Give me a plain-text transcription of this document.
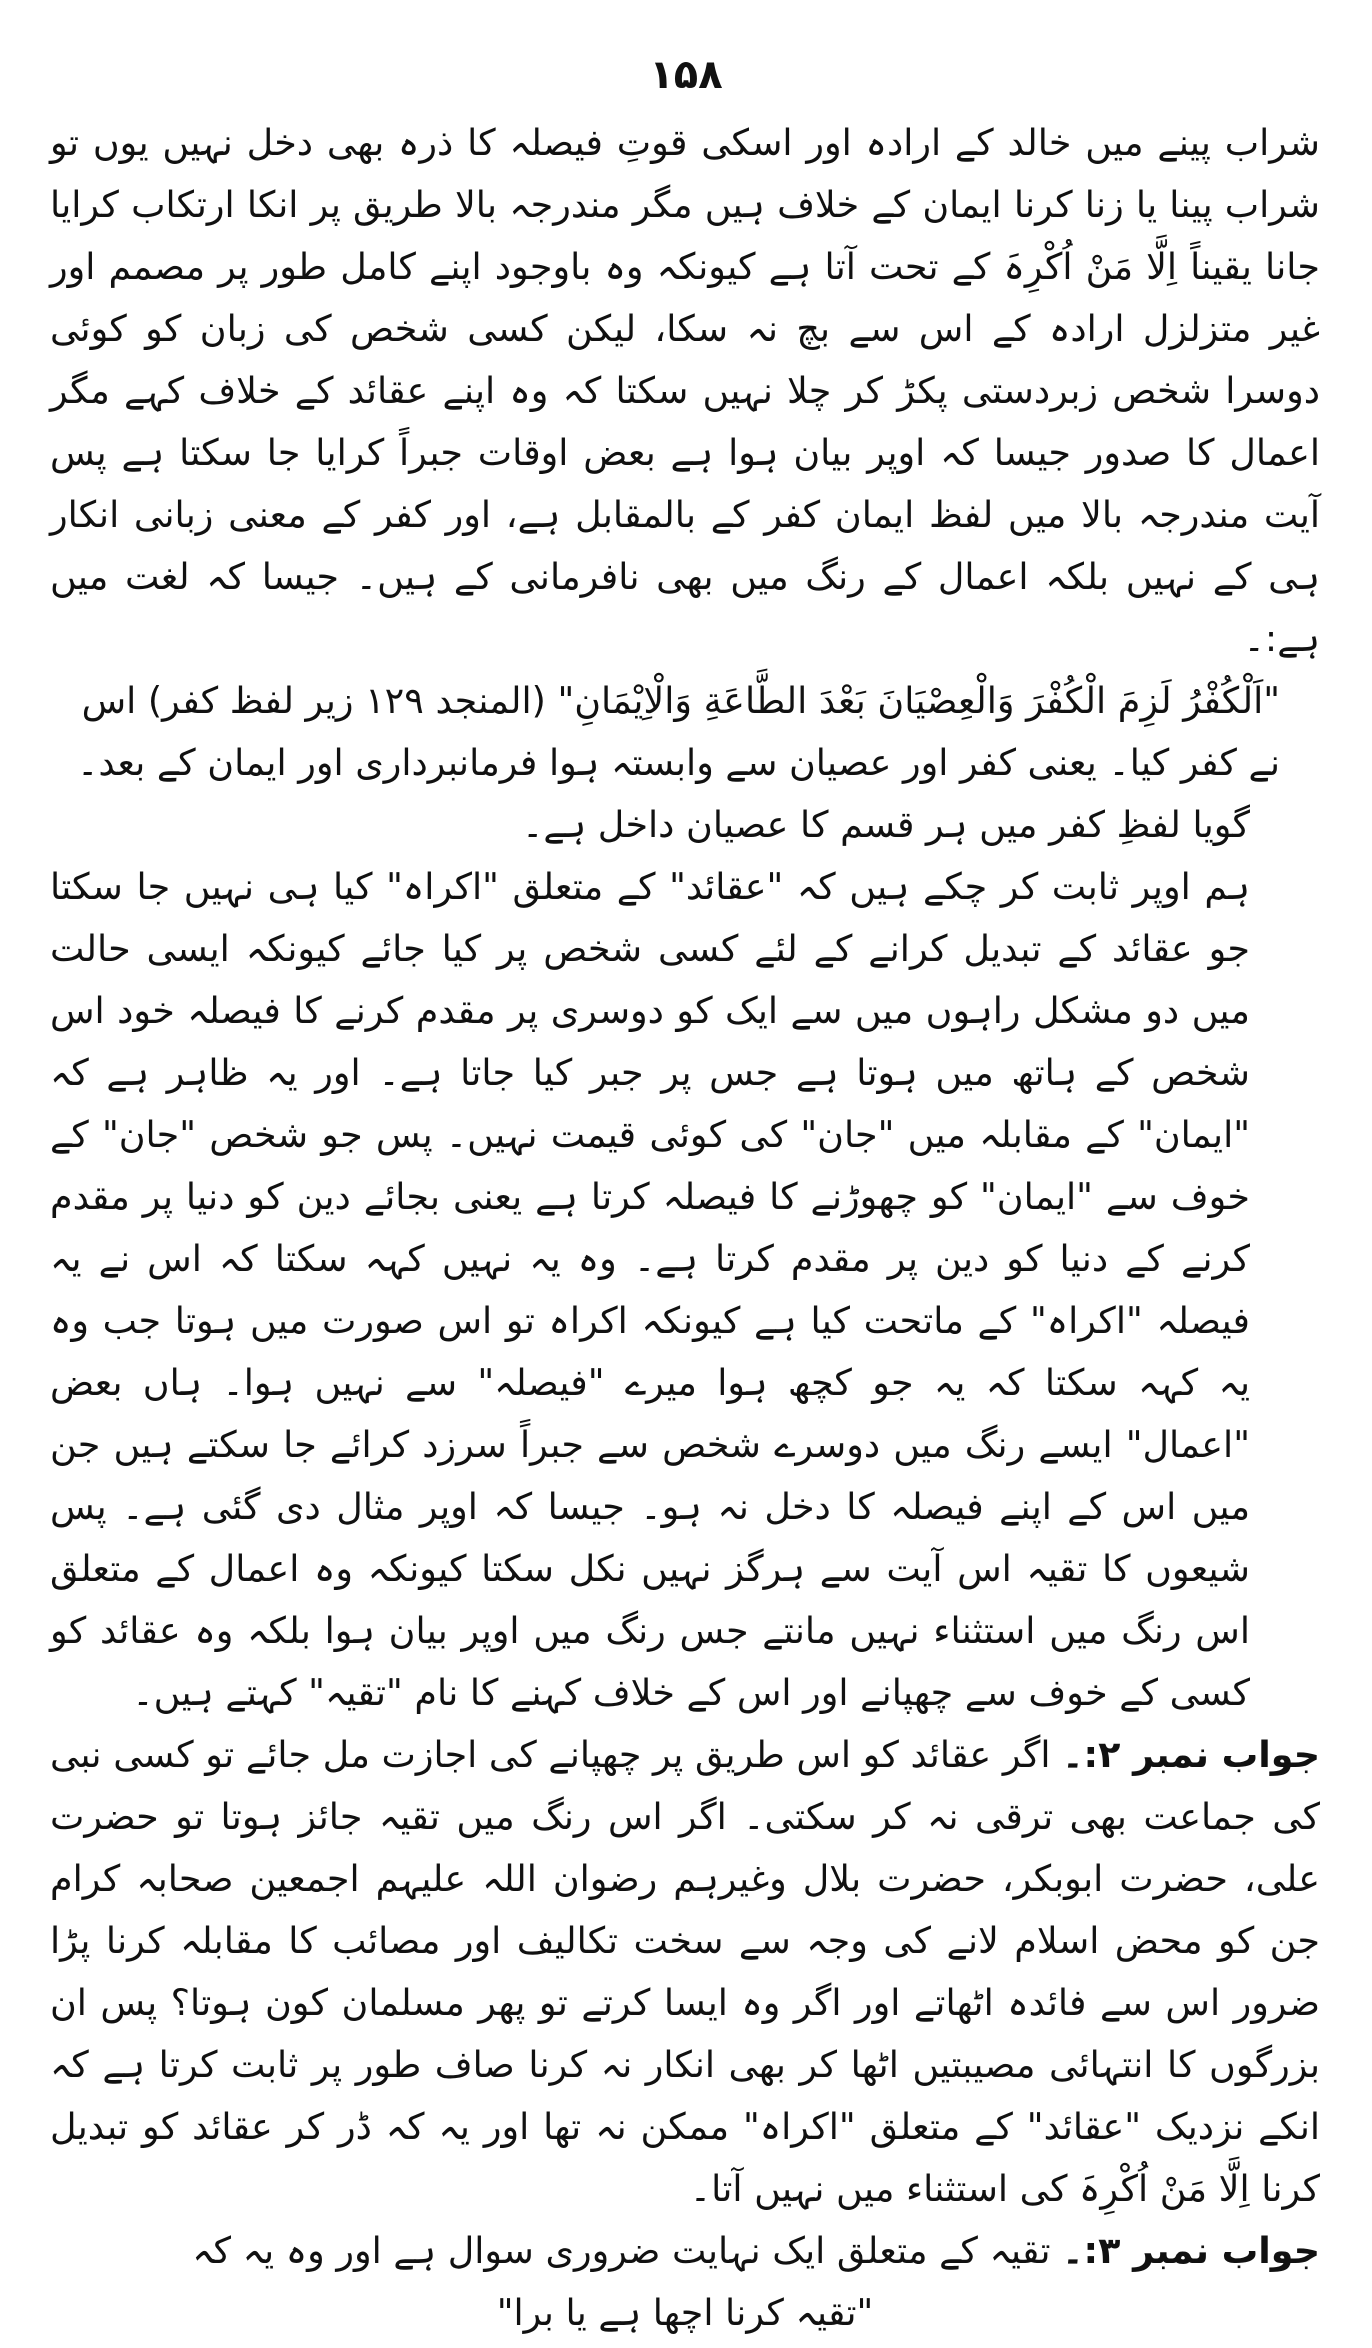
۱۵۸

شراب پینے میں خالد کے ارادہ اور اسکی قوتِ فیصلہ کا ذرہ بھی دخل نہیں یوں تو شراب پینا یا زنا کرنا ایمان کے خلاف ہیں مگر مندرجہ بالا طریق پر انکا ارتکاب کرایا جانا یقیناً اِلَّا مَنْ اُکْرِہَ کے تحت آتا ہے کیونکہ وہ باوجود اپنے کامل طور پر مصمم اور غیر متزلزل ارادہ کے اس سے بچ نہ سکا، لیکن کسی شخص کی زبان کو کوئی دوسرا شخص زبردستی پکڑ کر چلا نہیں سکتا کہ وہ اپنے عقائد کے خلاف کہے مگر اعمال کا صدور جیسا کہ اوپر بیان ہوا ہے بعض اوقات جبراً کرایا جا سکتا ہے پس آیت مندرجہ بالا میں لفظ ایمان کفر کے بالمقابل ہے، اور کفر کے معنی زبانی انکار ہی کے نہیں بلکہ اعمال کے رنگ میں بھی نافرمانی کے ہیں۔ جیسا کہ لغت میں ہے:۔

"اَلْکُفْرُ لَزِمَ الْکُفْرَ وَالْعِصْیَانَ بَعْدَ الطَّاعَةِ وَالْاِیْمَانِ" (المنجد ۱۲۹ زیر لفظ کفر) اس نے کفر کیا۔ یعنی کفر اور عصیان سے وابستہ ہوا فرمانبرداری اور ایمان کے بعد۔

گویا لفظِ کفر میں ہر قسم کا عصیان داخل ہے۔

ہم اوپر ثابت کر چکے ہیں کہ "عقائد" کے متعلق "اکراہ" کیا ہی نہیں جا سکتا جو عقائد کے تبدیل کرانے کے لئے کسی شخص پر کیا جائے کیونکہ ایسی حالت میں دو مشکل راہوں میں سے ایک کو دوسری پر مقدم کرنے کا فیصلہ خود اس شخص کے ہاتھ میں ہوتا ہے جس پر جبر کیا جاتا ہے۔ اور یہ ظاہر ہے کہ "ایمان" کے مقابلہ میں "جان" کی کوئی قیمت نہیں۔ پس جو شخص "جان" کے خوف سے "ایمان" کو چھوڑنے کا فیصلہ کرتا ہے یعنی بجائے دین کو دنیا پر مقدم کرنے کے دنیا کو دین پر مقدم کرتا ہے۔ وہ یہ نہیں کہہ سکتا کہ اس نے یہ فیصلہ "اکراہ" کے ماتحت کیا ہے کیونکہ اکراہ تو اس صورت میں ہوتا جب وہ یہ کہہ سکتا کہ یہ جو کچھ ہوا میرے "فیصلہ" سے نہیں ہوا۔ ہاں بعض "اعمال" ایسے رنگ میں دوسرے شخص سے جبراً سرزد کرائے جا سکتے ہیں جن میں اس کے اپنے فیصلہ کا دخل نہ ہو۔ جیسا کہ اوپر مثال دی گئی ہے۔ پس شیعوں کا تقیہ اس آیت سے ہرگز نہیں نکل سکتا کیونکہ وہ اعمال کے متعلق اس رنگ میں استثناء نہیں مانتے جس رنگ میں اوپر بیان ہوا بلکہ وہ عقائد کو کسی کے خوف سے چھپانے اور اس کے خلاف کہنے کا نام "تقیہ" کہتے ہیں۔

جواب نمبر ۲:۔ اگر عقائد کو اس طریق پر چھپانے کی اجازت مل جائے تو کسی نبی کی جماعت بھی ترقی نہ کر سکتی۔ اگر اس رنگ میں تقیہ جائز ہوتا تو حضرت علی، حضرت ابوبکر، حضرت بلال وغیرہم رضوان اللہ علیہم اجمعین صحابہ کرام جن کو محض اسلام لانے کی وجہ سے سخت تکالیف اور مصائب کا مقابلہ کرنا پڑا ضرور اس سے فائدہ اٹھاتے اور اگر وہ ایسا کرتے تو پھر مسلمان کون ہوتا؟ پس ان بزرگوں کا انتہائی مصیبتیں اٹھا کر بھی انکار نہ کرنا صاف طور پر ثابت کرتا ہے کہ انکے نزدیک "عقائد" کے متعلق "اکراہ" ممکن نہ تھا اور یہ کہ ڈر کر عقائد کو تبدیل کرنا اِلَّا مَنْ اُکْرِہَ کی استثناء میں نہیں آتا۔

جواب نمبر ۳:۔ تقیہ کے متعلق ایک نہایت ضروری سوال ہے اور وہ یہ کہ

"تقیہ کرنا اچھا ہے یا برا"
